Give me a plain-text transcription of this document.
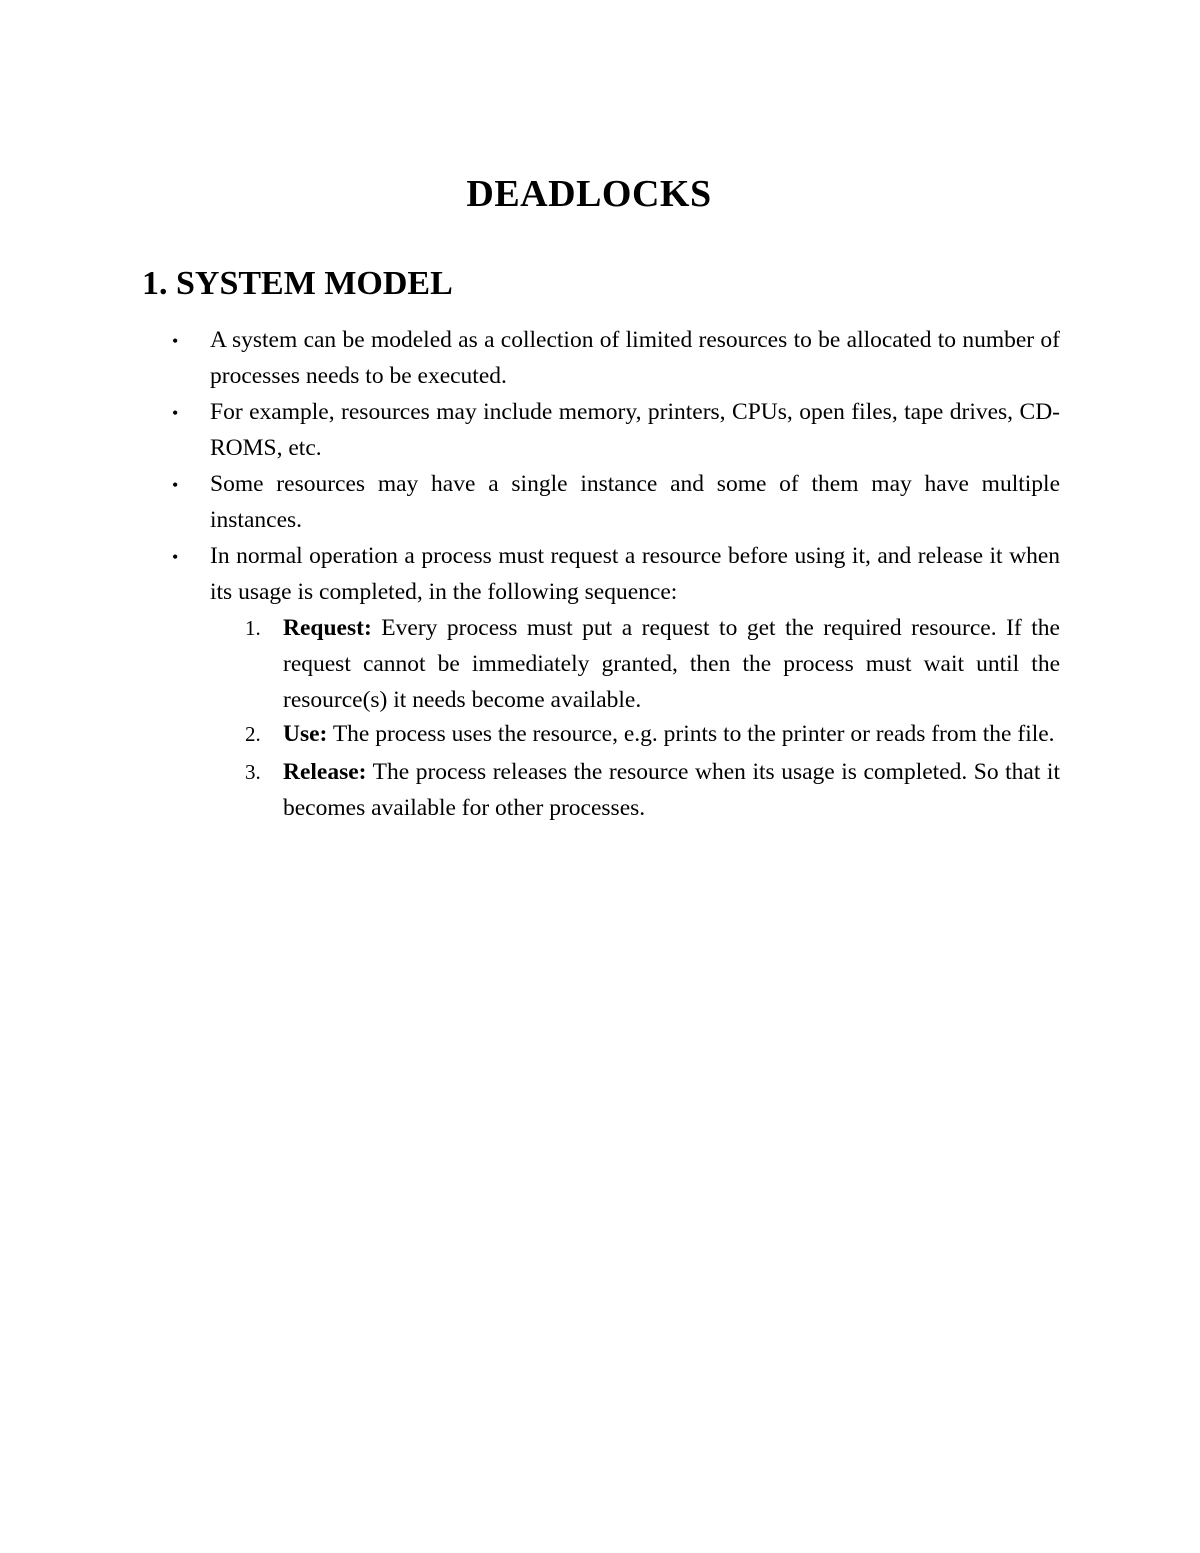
DEADLOCKS
1. SYSTEM MODEL
• A system can be modeled as a collection of limited resources to be allocated to number of processes needs to be executed.
• For example, resources may include memory, printers, CPUs, open files, tape drives, CD-ROMS, etc.
• Some resources may have a single instance and some of them may have multiple instances.
• In normal operation a process must request a resource before using it, and release it when its usage is completed, in the following sequence:
1. Request: Every process must put a request to get the required resource. If the request cannot be immediately granted, then the process must wait until the resource(s) it needs become available.
2. Use: The process uses the resource, e.g. prints to the printer or reads from the file.
3. Release: The process releases the resource when its usage is completed. So that it becomes available for other processes.
